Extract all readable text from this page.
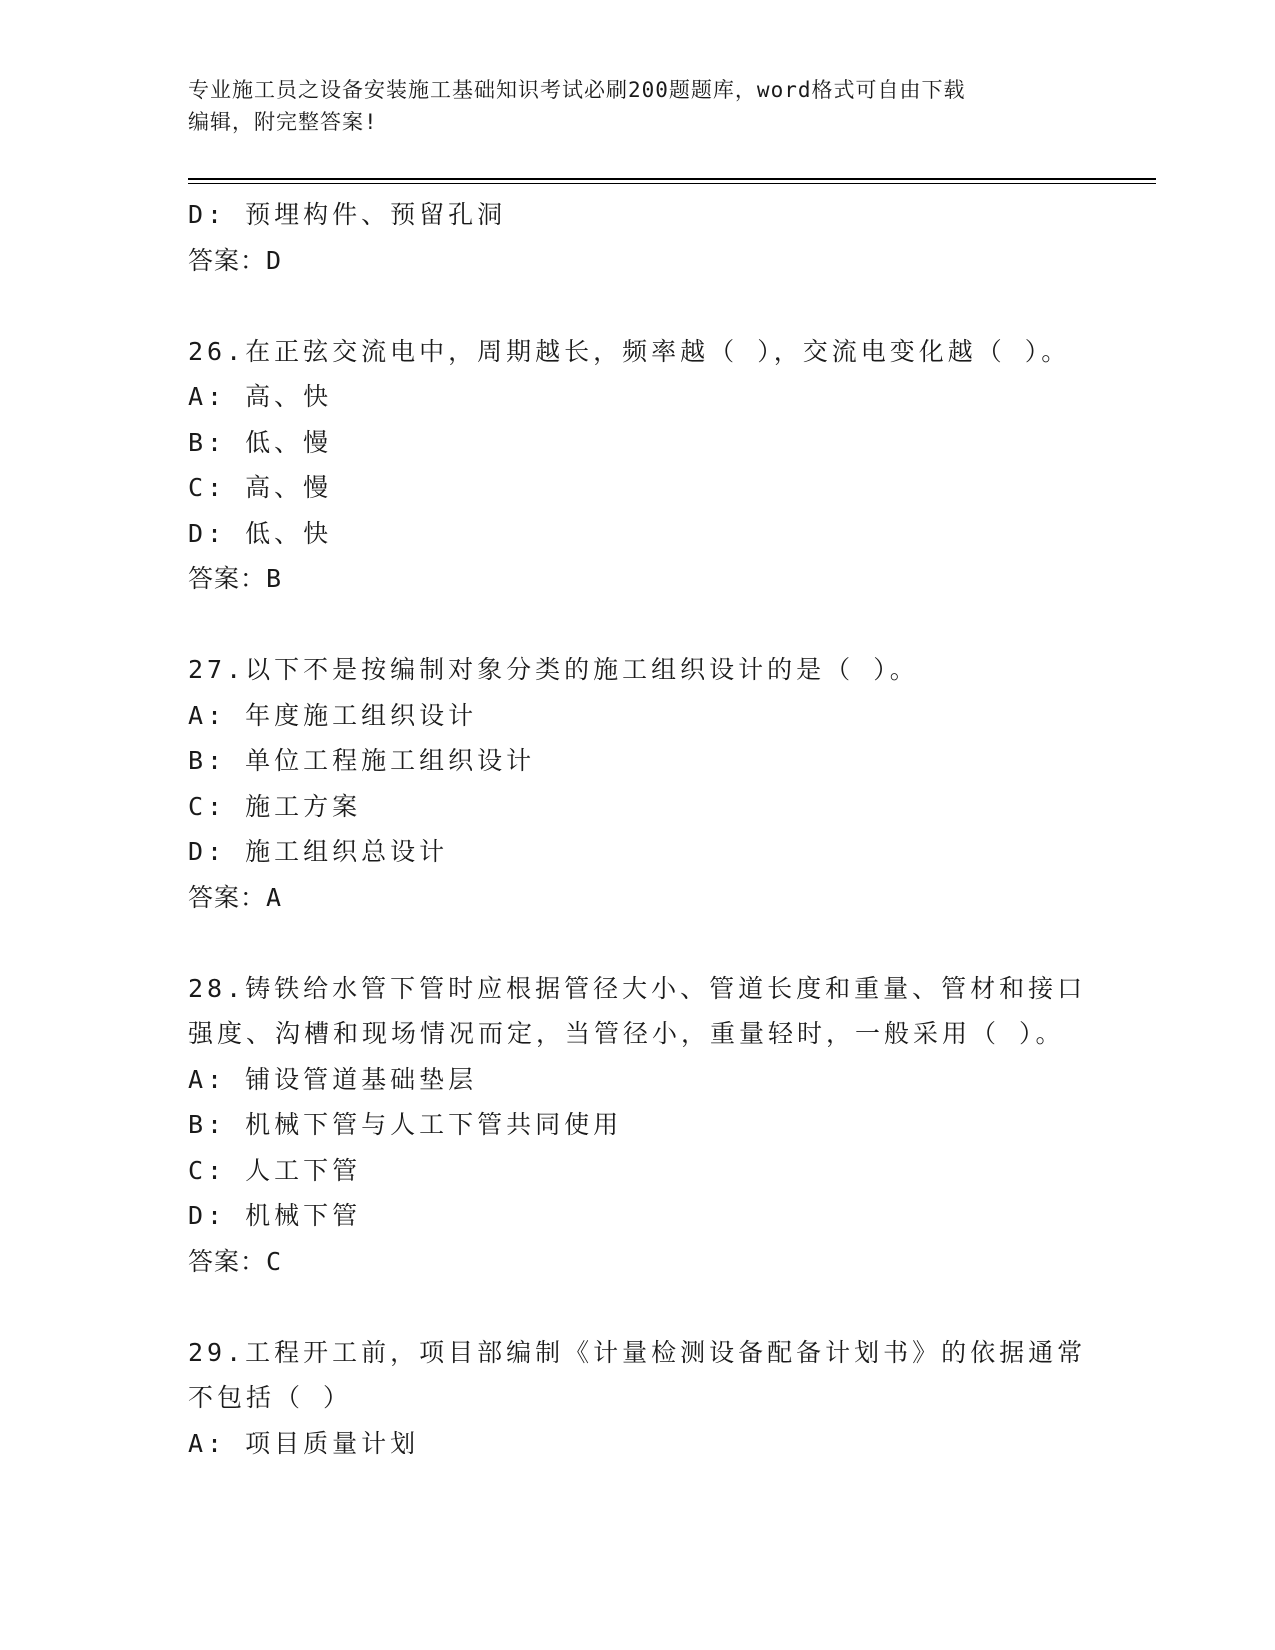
专业施工员之设备安装施工基础知识考试必刷200题题库，word格式可自由下载
编辑，附完整答案!
D: 预埋构件、预留孔洞
答案：D
26.在正弦交流电中，周期越长，频率越（ ），交流电变化越（ ）。
A: 高、快
B: 低、慢
C: 高、慢
D: 低、快
答案：B
27.以下不是按编制对象分类的施工组织设计的是（ ）。
A: 年度施工组织设计
B: 单位工程施工组织设计
C: 施工方案
D: 施工组织总设计
答案：A
28.铸铁给水管下管时应根据管径大小、管道长度和重量、管材和接口
强度、沟槽和现场情况而定，当管径小，重量轻时，一般采用（ ）。
A: 铺设管道基础垫层
B: 机械下管与人工下管共同使用
C: 人工下管
D: 机械下管
答案：C
29.工程开工前，项目部编制《计量检测设备配备计划书》的依据通常
不包括（ ）
A: 项目质量计划
